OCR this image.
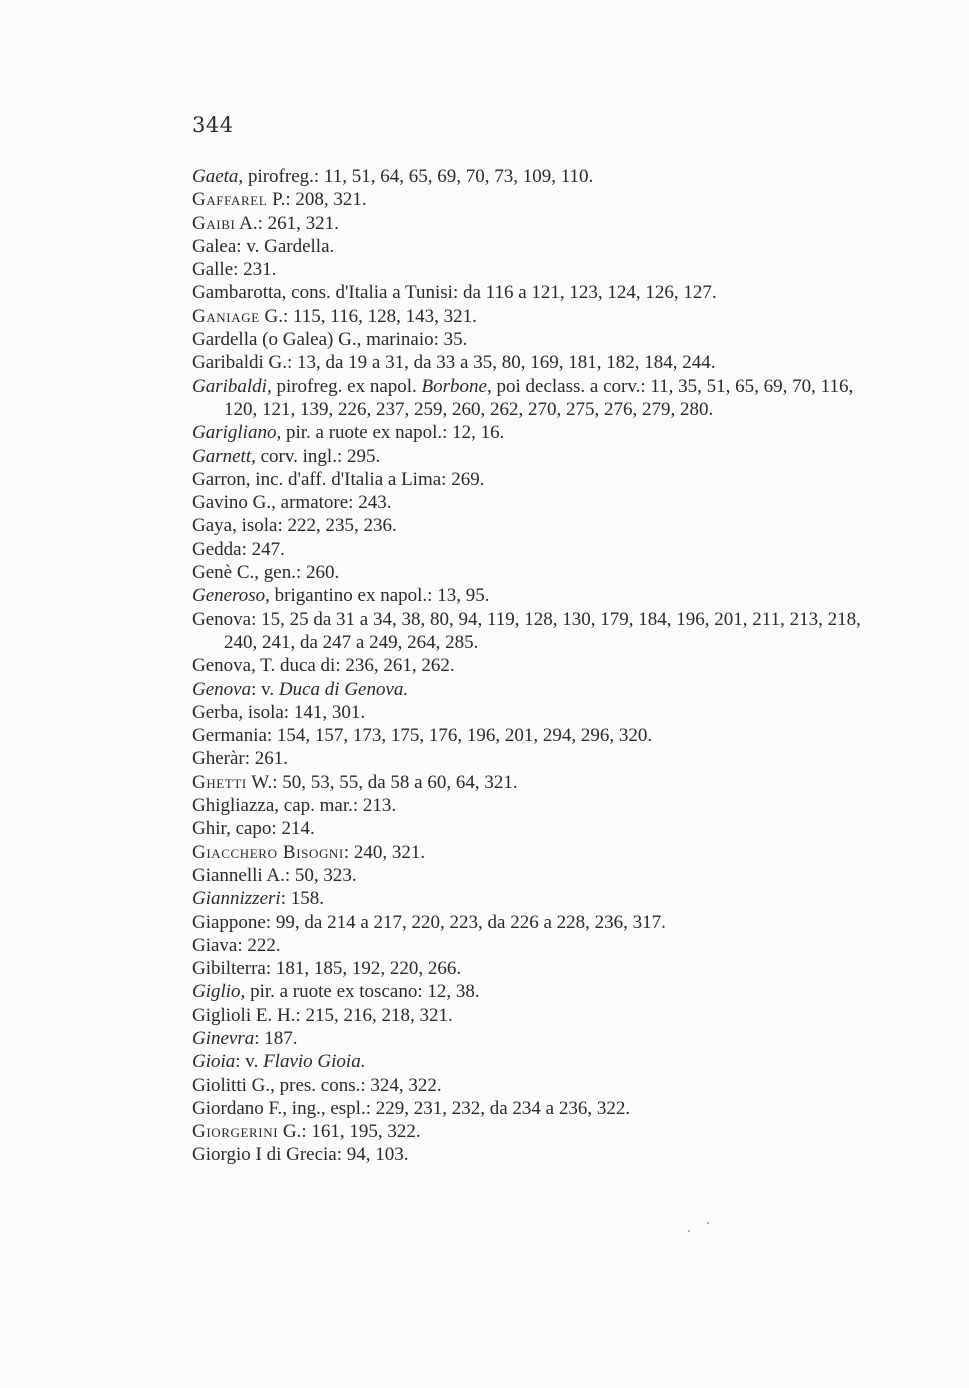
344
Gaeta, pirofreg.: 11, 51, 64, 65, 69, 70, 73, 109, 110.
Gaffarel P.: 208, 321.
Gaibi A.: 261, 321.
Galea: v. Gardella.
Galle: 231.
Gambarotta, cons. d'Italia a Tunisi: da 116 a 121, 123, 124, 126, 127.
Ganiage G.: 115, 116, 128, 143, 321.
Gardella (o Galea) G., marinaio: 35.
Garibaldi G.: 13, da 19 a 31, da 33 a 35, 80, 169, 181, 182, 184, 244.
Garibaldi, pirofreg. ex napol. Borbone, poi declass. a corv.: 11, 35, 51, 65, 69, 70, 116, 120, 121, 139, 226, 237, 259, 260, 262, 270, 275, 276, 279, 280.
Garigliano, pir. a ruote ex napol.: 12, 16.
Garnett, corv. ingl.: 295.
Garron, inc. d'aff. d'Italia a Lima: 269.
Gavino G., armatore: 243.
Gaya, isola: 222, 235, 236.
Gedda: 247.
Genè C., gen.: 260.
Generoso, brigantino ex napol.: 13, 95.
Genova: 15, 25 da 31 a 34, 38, 80, 94, 119, 128, 130, 179, 184, 196, 201, 211, 213, 218, 240, 241, da 247 a 249, 264, 285.
Genova, T. duca di: 236, 261, 262.
Genova: v. Duca di Genova.
Gerba, isola: 141, 301.
Germania: 154, 157, 173, 175, 176, 196, 201, 294, 296, 320.
Gheràr: 261.
Ghetti W.: 50, 53, 55, da 58 a 60, 64, 321.
Ghigliazza, cap. mar.: 213.
Ghir, capo: 214.
Giacchero Bisogni: 240, 321.
Giannelli A.: 50, 323.
Giannizzeri: 158.
Giappone: 99, da 214 a 217, 220, 223, da 226 a 228, 236, 317.
Giava: 222.
Gibilterra: 181, 185, 192, 220, 266.
Giglio, pir. a ruote ex toscano: 12, 38.
Giglioli E. H.: 215, 216, 218, 321.
Ginevra: 187.
Gioia: v. Flavio Gioia.
Giolitti G., pres. cons.: 324, 322.
Giordano F., ing., espl.: 229, 231, 232, da 234 a 236, 322.
Giorgerini G.: 161, 195, 322.
Giorgio I di Grecia: 94, 103.
